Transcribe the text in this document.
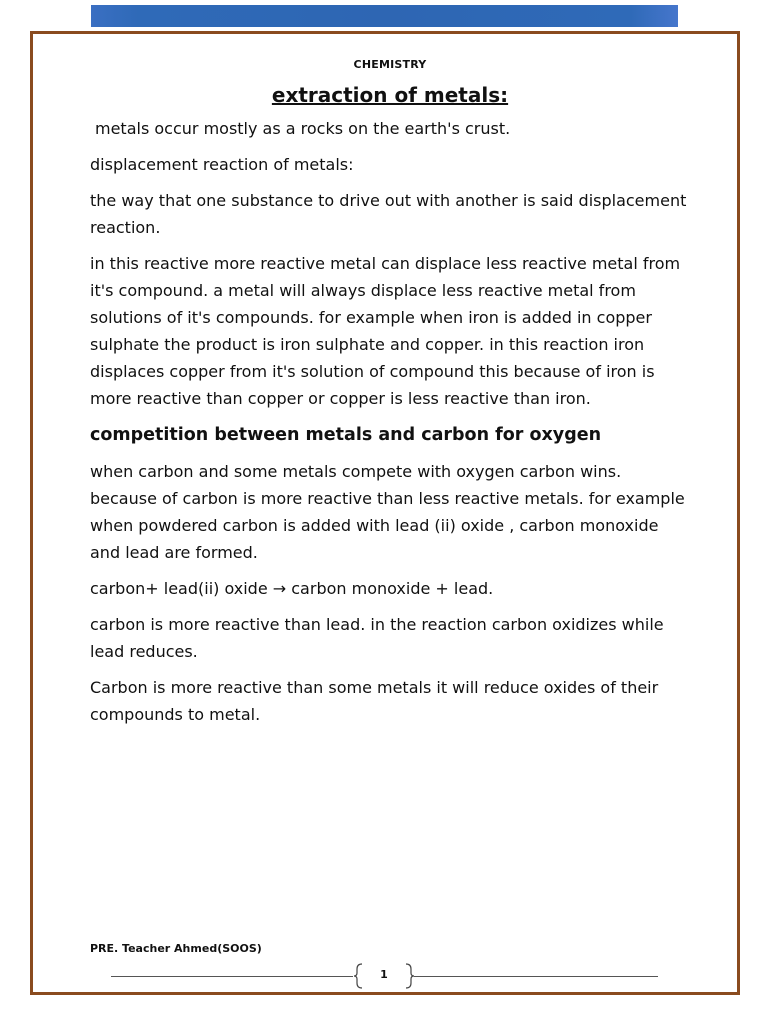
CHEMISTRY
extraction of metals:

metals occur mostly as a rocks on the earth's crust.

displacement reaction of metals:

the way that one substance to drive out with another is said displacement reaction.

in this reactive more reactive metal can displace less reactive metal from it's compound. a metal will always displace less reactive metal from solutions of it's compounds. for example when iron is added in copper sulphate the product is iron sulphate and copper. in this reaction iron displaces copper from it's solution of compound this because of iron is more reactive than copper or copper is less reactive than iron.

competition between metals and carbon for oxygen

when carbon and some metals compete with oxygen carbon wins. because of carbon is more reactive than less reactive metals. for example when powdered carbon is added with lead (ii) oxide , carbon monoxide and lead are formed.

carbon+ lead(ii) oxide → carbon monoxide + lead.

carbon is more reactive than lead. in the reaction carbon oxidizes while lead reduces.

Carbon is more reactive than some metals it will reduce oxides of their compounds to metal.

PRE. Teacher Ahmed(SOOS)
1
